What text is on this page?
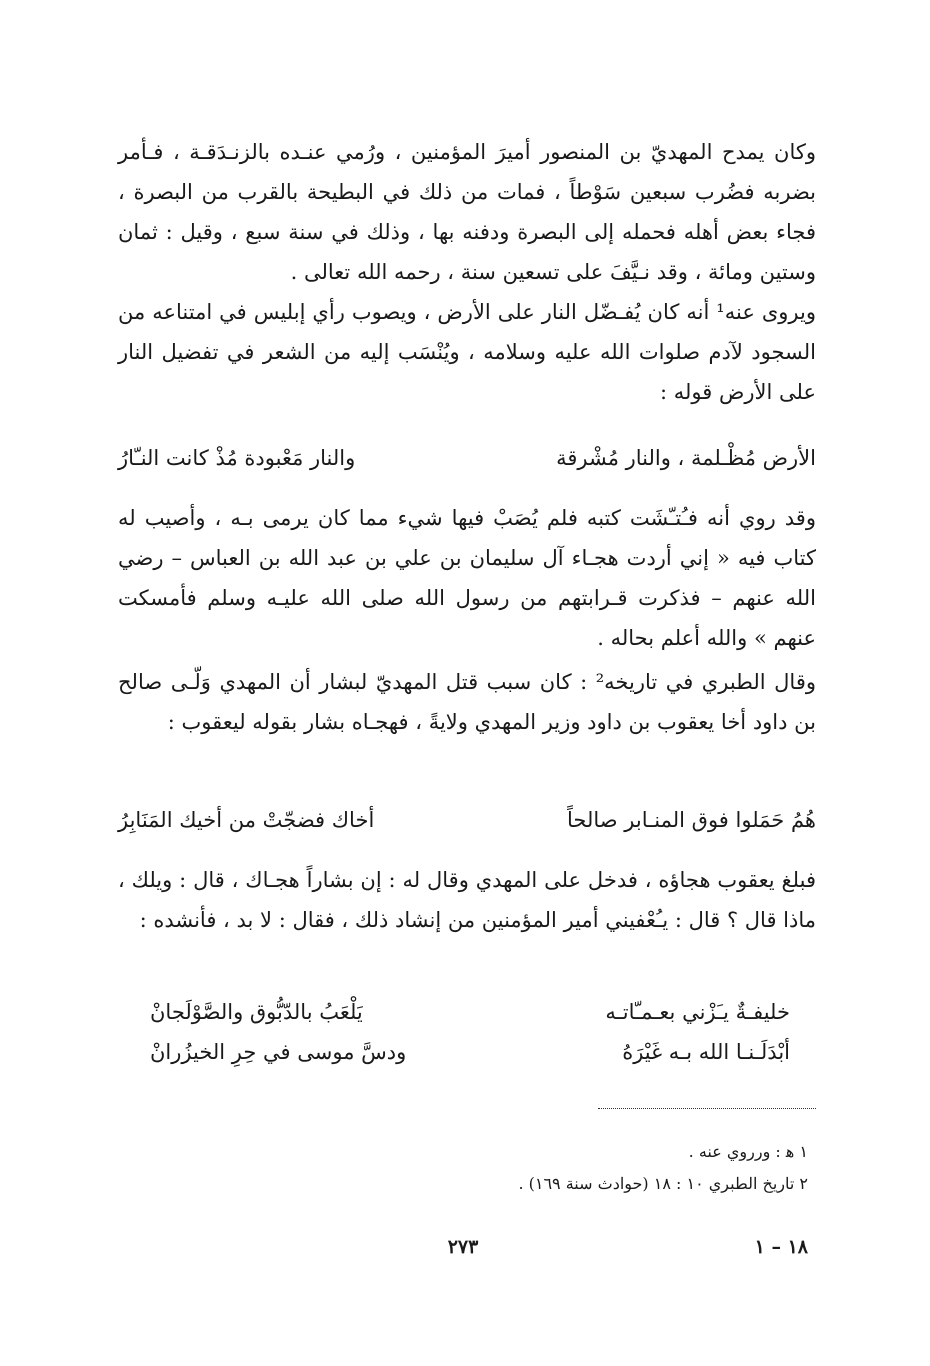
وكان يمدح المهديّ بن المنصور أميرَ المؤمنين ، ورُمي عنـده بالزنـدَقـة ، فـأمر بضربه فضُرب سبعين سَوْطاً ، فمات من ذلك في البطيحة بالقرب من البصرة ، فجاء بعض أهله فحمله إلى البصرة ودفنه بها ، وذلك في سنة سبع ، وقيل : ثمان وستين ومائة ، وقد نـيَّفَ على تسعين سنة ، رحمه الله تعالى .
ويروى عنه¹ أنه كان يُفـضّل النار على الأرض ، ويصوب رأي إبليس في امتناعه من السجود لآدم صلوات الله عليه وسلامه ، ويُنْسَب إليه من الشعر في تفضيل النار على الأرض قوله :
الأرض مُظْـلمة ، والنار مُشْرقة
والنار مَعْبودة مُذْ كانت النـّارُ
وقد روي أنه فـُتـّشَت كتبه فلم يُصَبْ فيها شيء مما كان يرمى بـه ، وأصيب له كتاب فيه « إني أردت هجـاء آل سليمان بن علي بن عبد الله بن العباس – رضي الله عنهم – فذكرت قـرابتهم من رسول الله صلى الله عليـه وسلم فأمسكت عنهم » والله أعلم بحاله .
وقال الطبري في تاريخه² : كان سبب قتل المهديّ لبشار أن المهدي وَلّـى صالح بن داود أخا يعقوب بن داود وزير المهدي ولايةً ، فهجـاه بشار بقوله ليعقوب :
هُمُ حَمَلوا فوق المنـابر صالحاً
أخاك فضجّتْ من أخيك المَنَابِرُ
فبلغ يعقوب هجاؤه ، فدخل على المهدي وقال له : إن بشاراً هجـاك ، قال : ويلك ، ماذا قال ؟ قال : يـُعْفيني أمير المؤمنين من إنشاد ذلك ، فقال : لا بد ، فأنشده :
خليفـةٌ يـَزْني بعـمـّاتـه
يَلْعَبُ بالدّبُّوق والصَّوْلَجانْ
أبْدَلَـنـا الله بـه غَيْرَهُ
ودسَّ موسى في حِرِ الخيزُرانْ
١ ﻫ : ورروي عنه .
٢ تاريخ الطبري ١٠ : ١٨ (حوادث سنة ١٦٩) .
١٨ – ١
٢٧٣
